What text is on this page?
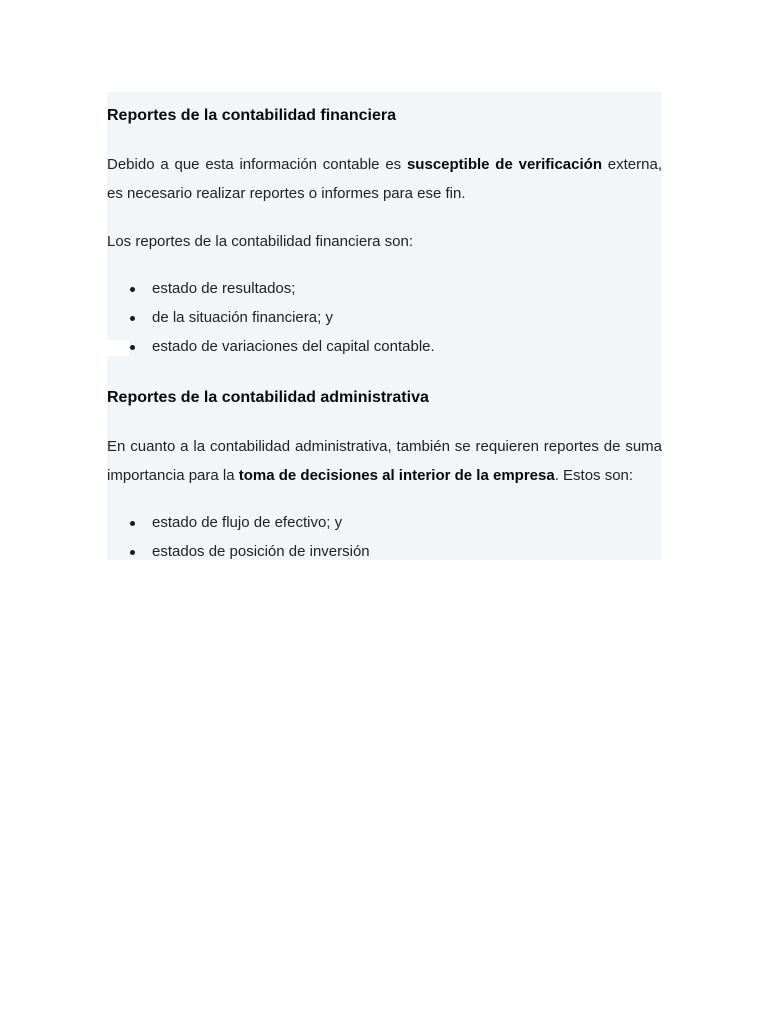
Reportes de la contabilidad financiera

Debido a que esta información contable es susceptible de verificación externa, es necesario realizar reportes o informes para ese fin.

Los reportes de la contabilidad financiera son:

estado de resultados;
de la situación financiera; y
estado de variaciones del capital contable.
Reportes de la contabilidad administrativa

En cuanto a la contabilidad administrativa, también se requieren reportes de suma importancia para la toma de decisiones al interior de la empresa. Estos son:

estado de flujo de efectivo; y
estados de posición de inversión
